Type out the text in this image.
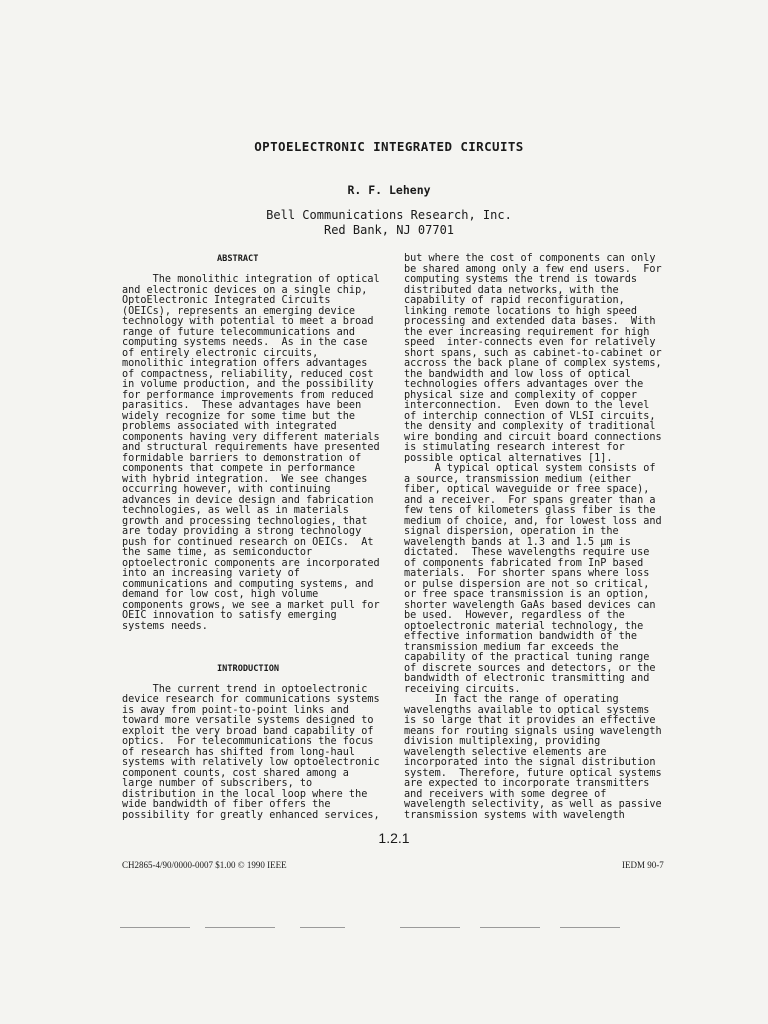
OPTOELECTRONIC INTEGRATED CIRCUITS
R. F. Leheny
Bell Communications Research, Inc.
Red Bank, NJ 07701
ABSTRACT
The monolithic integration of optical
and electronic devices on a single chip,
OptoElectronic Integrated Circuits
(OEICs), represents an emerging device
technology with potential to meet a broad
range of future telecommunications and
computing systems needs.  As in the case
of entirely electronic circuits,
monolithic integration offers advantages
of compactness, reliability, reduced cost
in volume production, and the possibility
for performance improvements from reduced
parasitics.  These advantages have been
widely recognize for some time but the
problems associated with integrated
components having very different materials
and structural requirements have presented
formidable barriers to demonstration of
components that compete in performance
with hybrid integration.  We see changes
occurring however, with continuing
advances in device design and fabrication
technologies, as well as in materials
growth and processing technologies, that
are today providing a strong technology
push for continued research on OEICs.  At
the same time, as semiconductor
optoelectronic components are incorporated
into an increasing variety of
communications and computing systems, and
demand for low cost, high volume
components grows, we see a market pull for
OEIC innovation to satisfy emerging
systems needs.
INTRODUCTION
The current trend in optoelectronic
device research for communications systems
is away from point-to-point links and
toward more versatile systems designed to
exploit the very broad band capability of
optics.  For telecommunications the focus
of research has shifted from long-haul
systems with relatively low optoelectronic
component counts, cost shared among a
large number of subscribers, to
distribution in the local loop where the
wide bandwidth of fiber offers the
possibility for greatly enhanced services,
but where the cost of components can only
be shared among only a few end users.  For
computing systems the trend is towards
distributed data networks, with the
capability of rapid reconfiguration,
linking remote locations to high speed
processing and extended data bases.  With
the ever increasing requirement for high
speed  inter-connects even for relatively
short spans, such as cabinet-to-cabinet or
accross the back plane of complex systems,
the bandwidth and low loss of optical
technologies offers advantages over the
physical size and complexity of copper
interconnection.  Even down to the level
of interchip connection of VLSI circuits,
the density and complexity of traditional
wire bonding and circuit board connections
is stimulating research interest for
possible optical alternatives [1].
A typical optical system consists of
a source, transmission medium (either
fiber, optical waveguide or free space),
and a receiver.  For spans greater than a
few tens of kilometers glass fiber is the
medium of choice, and, for lowest loss and
signal dispersion, operation in the
wavelength bands at 1.3 and 1.5 µm is
dictated.  These wavelengths require use
of components fabricated from InP based
materials.  For shorter spans where loss
or pulse dispersion are not so critical,
or free space transmission is an option,
shorter wavelength GaAs based devices can
be used.  However, regardless of the
optoelectronic material technology, the
effective information bandwidth of the
transmission medium far exceeds the
capability of the practical tuning range
of discrete sources and detectors, or the
bandwidth of electronic transmitting and
receiving circuits.
In fact the range of operating
wavelengths available to optical systems
is so large that it provides an effective
means for routing signals using wavelength
division multiplexing, providing
wavelength selective elements are
incorporated into the signal distribution
system.  Therefore, future optical systems
are expected to incorporate transmitters
and receivers with some degree of
wavelength selectivity, as well as passive
transmission systems with wavelength
1.2.1
CH2865-4/90/0000-0007 $1.00 © 1990 IEEE	IEDM 90-7
